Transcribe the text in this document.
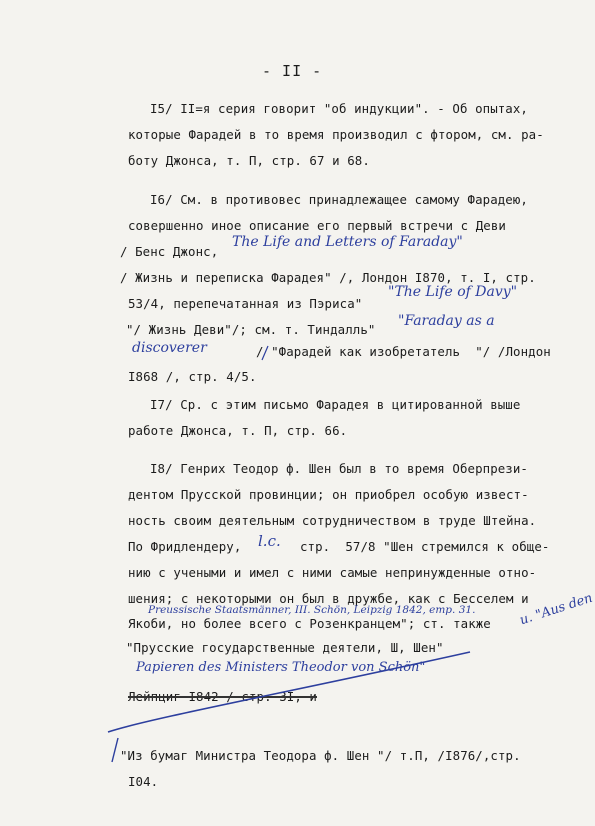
- II -
I5/ II=я серия говорит "об индукции". - Об опытах,
которые Фарадей в то время производил с фтором, см. ра-
боту Джонса, т. П, стр. 67 и 68.
I6/ См. в противовес принадлежащее самому Фарадею,
совершенно иное описание его первый встречи с Деви
/ Бенс Джонс,
The Life and Letters of Faraday"
/ Жизнь и переписка Фарадея" /, Лондон I870, т. I, стр.
53/4, перепечатанная из Пэриса"
"The Life of Davy"
"/ Жизнь Деви"/; см. т. Тиндалль"
"Faraday as a
discoverer	/ "Фарадей как изобретатель  "/ /Лондон
I868 /, стр. 4/5.
I7/ Ср. с этим письмо Фарадея в цитированной выше
работе Джонса, т. П, стр. 66.
I8/ Генрих Теодор ф. Шен был в то время Оберпрези-
дентом Прусской провинции; он приобрел особую извест-
ность своим деятельным сотрудничеством в труде Штейна.
По Фридлендеру, l.c. стр.  57/8 "Шен стремился к обще-
нию с учеными и имел с ними самые непринужденные отно-
шения; с некоторыми он был в дружбе, как с Бесселем и
Якоби, но более всего с Розенкранцем"; ст. также
Preussische Staatsmänner, III. Schön, Leipzig 1842, emp. 31.
"Прусские государственные деятели, Ш, Шен"
Papieren des Ministers Theodor von Schön"
u. "Aus den
Лейпциг I842 / стр. 3I, и
"Из бумаг Министра Теодора ф. Шен "/ т.П, /I876/,стр.
I04.
